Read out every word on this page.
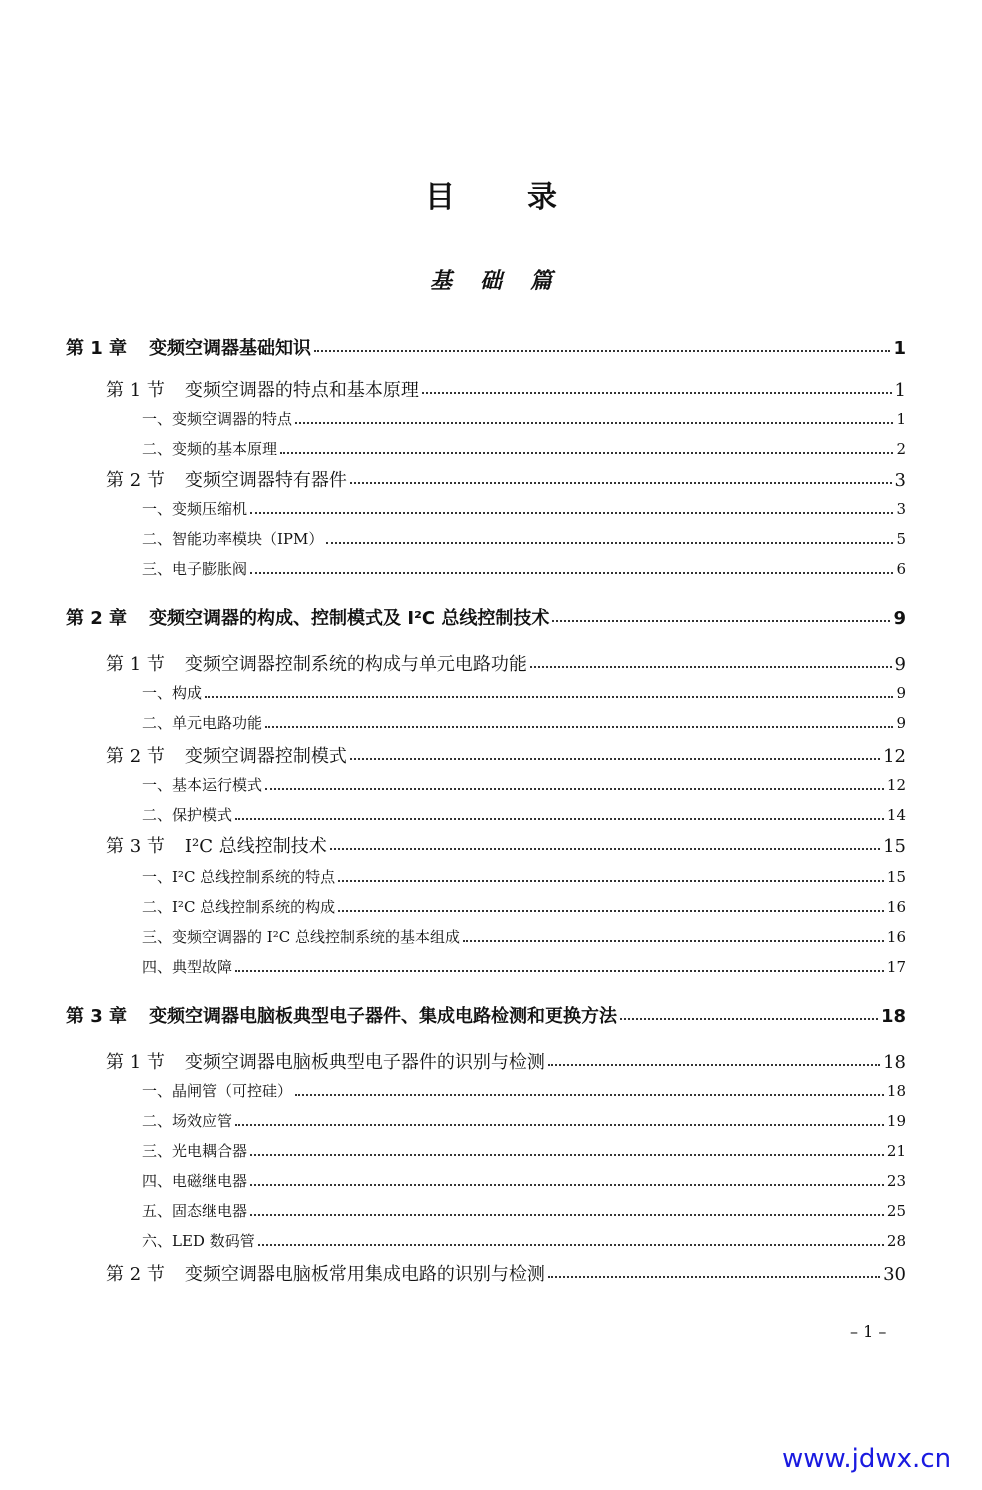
目 录
基 础 篇
第 1 章 变频空调器基础知识	1
第 1 节 变频空调器的特点和基本原理	1
一、变频空调器的特点	1
二、变频的基本原理	2
第 2 节 变频空调器特有器件	3
一、变频压缩机	3
二、智能功率模块（IPM）	5
三、电子膨胀阀	6
第 2 章 变频空调器的构成、控制模式及 I²C 总线控制技术	9
第 1 节 变频空调器控制系统的构成与单元电路功能	9
一、构成	9
二、单元电路功能	9
第 2 节 变频空调器控制模式	12
一、基本运行模式	12
二、保护模式	14
第 3 节 I²C 总线控制技术	15
一、I²C 总线控制系统的特点	15
二、I²C 总线控制系统的构成	16
三、变频空调器的 I²C 总线控制系统的基本组成	16
四、典型故障	17
第 3 章 变频空调器电脑板典型电子器件、集成电路检测和更换方法	18
第 1 节 变频空调器电脑板典型电子器件的识别与检测	18
一、晶闸管（可控硅）	18
二、场效应管	19
三、光电耦合器	21
四、电磁继电器	23
五、固态继电器	25
六、LED 数码管	28
第 2 节 变频空调器电脑板常用集成电路的识别与检测	30
– 1 –
www.jdwx.cn
